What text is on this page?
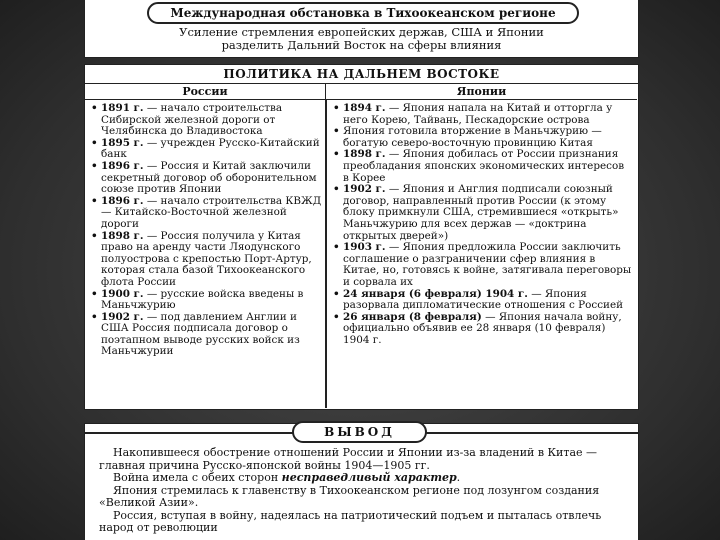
Международная обстановка в Тихоокеанском регионе
Усиление стремления европейских держав, США и Японии
разделить Дальний Восток на сферы влияния
ПОЛИТИКА НА ДАЛЬНЕМ ВОСТОКЕ
России	Японии
• 1891 г. — начало строительства Сибирской железной дороги от Челябинска до Владивостока
• 1895 г. — учрежден Русско-Китайский банк
• 1896 г. — Россия и Китай заключили секретный договор об оборонительном союзе против Японии
• 1896 г. — начало строительства КВЖД — Китайско-Восточной железной дороги
• 1898 г. — Россия получила у Китая право на аренду части Ляодунского полуострова с крепостью Порт-Артур, которая стала базой Тихоокеанского флота России
• 1900 г. — русские войска введены в Маньчжурию
• 1902 г. — под давлением Англии и США Россия подписала договор о поэтапном выводе русских войск из Маньчжурии
• 1894 г. — Япония напала на Китай и отторгла у него Корею, Тайвань, Пескадорские острова
• Япония готовила вторжение в Маньчжурию — богатую северо-восточную провинцию Китая
• 1898 г. — Япония добилась от России признания преобладания японских экономических интересов в Корее
• 1902 г. — Япония и Англия подписали союзный договор, направленный против России (к этому блоку примкнули США, стремившиеся «открыть» Маньчжурию для всех держав — «доктрина открытых дверей»)
• 1903 г. — Япония предложила России заключить соглашение о разграничении сфер влияния в Китае, но, готовясь к войне, затягивала переговоры и сорвала их
• 24 января (6 февраля) 1904 г. — Япония разорвала дипломатические отношения с Россией
• 26 января (8 февраля) — Япония начала войну, официально объявив ее 28 января (10 февраля) 1904 г.
ВЫВОД

Накопившееся обострение отношений России и Японии из-за владений в Китае — главная причина Русско-японской войны 1904—1905 гг.

Война имела с обеих сторон несправедливый характер.

Япония стремилась к главенству в Тихоокеанском регионе под лозунгом создания «Великой Азии».

Россия, вступая в войну, надеялась на патриотический подъем и пыталась отвлечь народ от революции
